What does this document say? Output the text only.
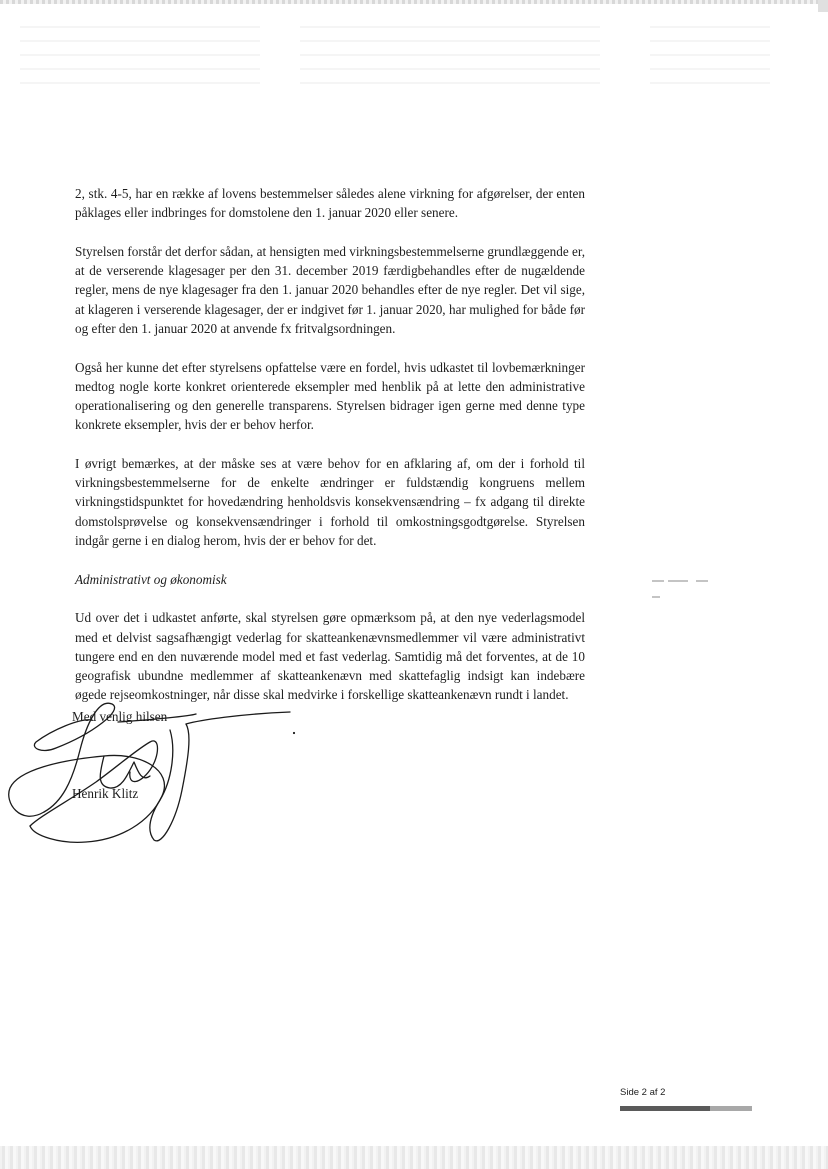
2, stk. 4-5, har en række af lovens bestemmelser således alene virkning for afgørelser, der enten påklages eller indbringes for domstolene den 1. januar 2020 eller senere.

Styrelsen forstår det derfor sådan, at hensigten med virkningsbestemmelserne grundlæggende er, at de verserende klagesager per den 31. december 2019 færdigbehandles efter de nugældende regler, mens de nye klagesager fra den 1. januar 2020 behandles efter de nye regler. Det vil sige, at klageren i verserende klagesager, der er indgivet før 1. januar 2020, har mulighed for både før og efter den 1. januar 2020 at anvende fx fritvalgsordningen.

Også her kunne det efter styrelsens opfattelse være en fordel, hvis udkastet til lovbemærkninger medtog nogle korte konkret orienterede eksempler med henblik på at lette den administrative operationalisering og den generelle transparens. Styrelsen bidrager igen gerne med denne type konkrete eksempler, hvis der er behov herfor.

I øvrigt bemærkes, at der måske ses at være behov for en afklaring af, om der i forhold til virkningsbestemmelserne for de enkelte ændringer er fuldstændig kongruens mellem virkningstidspunktet for hovedændring henholdsvis konsekvensændring – fx adgang til direkte domstolsprøvelse og konsekvensændringer i forhold til omkostningsgodtgørelse. Styrelsen indgår gerne i en dialog herom, hvis der er behov for det.

Administrativt og økonomisk

Ud over det i udkastet anførte, skal styrelsen gøre opmærksom på, at den nye vederlagsmodel med et delvist sagsafhængigt vederlag for skatteankenævnsmedlemmer vil være administrativt tungere end en den nuværende model med et fast vederlag. Samtidig må det forventes, at de 10 geografisk ubundne medlemmer af skatteankenævn med skattefaglig indsigt kan indebære øgede rejseomkostninger, når disse skal medvirke i forskellige skatteankenævn rundt i landet.

Med venlig hilsen
Henrik Klitz
Side 2 af 2
